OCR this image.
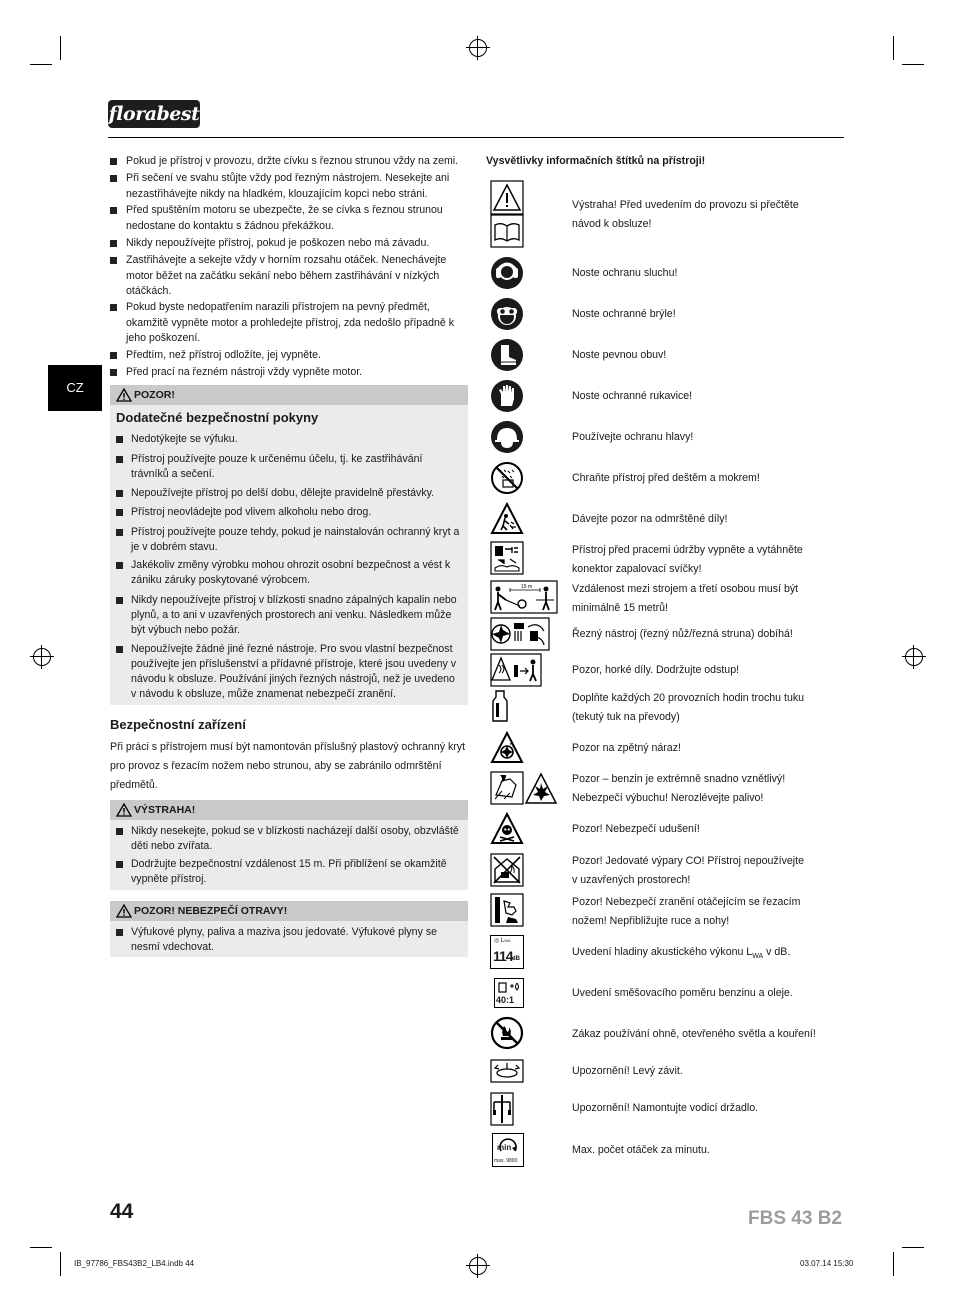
florabest
CZ
Pokud je přístroj v provozu, držte cívku s řeznou strunou vždy na zemi.
Při sečení ve svahu stůjte vždy pod řezným nástrojem. Nesekejte ani nezastřihávejte nikdy na hladkém, klouzajícím kopci nebo stráni.
Před spuštěním motoru se ubezpečte, že se cívka s řeznou strunou nedostane do kontaktu s žádnou překážkou.
Nikdy nepoužívejte přístroj, pokud je poškozen nebo má závadu.
Zastřihávejte a sekejte vždy v horním rozsahu otáček. Nenechávejte motor běžet na začátku sekání nebo během zastřihávání v nízkých otáčkách.
Pokud byste nedopatřením narazili přístrojem na pevný předmět, okamžitě vypněte motor a prohledejte přístroj, zda nedošlo případně k jeho poškození.
Předtím, než přístroj odložíte, jej vypněte.
Před prací na řezném nástroji vždy vypněte motor.
POZOR!
Dodatečné bezpečnostní pokyny
Nedotýkejte se výfuku.
Přístroj používejte pouze k určenému účelu, tj. ke zastřihávání trávníků a sečení.
Nepoužívejte přístroj po delší dobu, dělejte pravidelně přestávky.
Přístroj neovládejte pod vlivem alkoholu nebo drog.
Přístroj používejte pouze tehdy, pokud je nainstalován ochranný kryt a je v dobrém stavu.
Jakékoliv změny výrobku mohou ohrozit osobní bezpečnost a vést k zániku záruky poskytované výrobcem.
Nikdy nepoužívejte přístroj v blízkosti snadno zápalných kapalin nebo plynů, a to ani v uzavřených prostorech ani venku. Následkem může být výbuch nebo požár.
Nepoužívejte žádné jiné řezné nástroje. Pro svou vlastní bezpečnost používejte jen příslušenství a přídavné přístroje, které jsou uvedeny v návodu k obsluze. Používání jiných řezných nástrojů, než je uvedeno v návodu k obsluze, může znamenat nebezpečí zranění.
Bezpečnostní zařízení
Při práci s přístrojem musí být namontován příslušný plastový ochranný kryt pro provoz s řezacím nožem nebo strunou, aby se zabránilo odmrštění předmětů.
VÝSTRAHA!
Nikdy nesekejte, pokud se v blízkosti nacházejí další osoby, obzvláště děti nebo zvířata.
Dodržujte bezpečnostní vzdálenost 15 m. Při přiblížení se okamžitě vypněte přístroj.
POZOR! NEBEZPEČÍ OTRAVY!
Výfukové plyny, paliva a maziva jsou jedovaté. Výfukové plyny se nesmí vdechovat.
Vysvětlivky informačních štítků na přístroji!
Výstraha! Před uvedením do provozu si přečtěte návod k obsluze!
Noste ochranu sluchu!
Noste ochranné brýle!
Noste pevnou obuv!
Noste ochranné rukavice!
Používejte ochranu hlavy!
Chraňte přístroj před deštěm a mokrem!
Dávejte pozor na odmrštěné díly!
Přístroj před pracemi údržby vypněte a vytáhněte konektor zapalovací svíčky!
15 m	Vzdálenost mezi strojem a třetí osobou musí být minimálně 15 metrů!
Řezný nástroj (řezný nůž/řezná struna) dobíhá!
Pozor, horké díly. Dodržujte odstup!
Doplňte každých 20 provozních hodin trochu tuku (tekutý tuk na převody)
Pozor na zpětný náraz!
Pozor – benzin je extrémně snadno vznětlivý! Nebezpečí výbuchu! Nerozlévejte palivo!
Pozor! Nebezpečí udušení!
Pozor! Jedovaté výpary CO! Přístroj nepoužívejte v uzavřených prostorech!
Pozor! Nebezpečí zranění otáčejícím se řezacím nožem! Nepřibližujte ruce a nohy!
◎ LWA
114 dB
Uvedení hladiny akustického výkonu $L_{WA}$ v dB.
40:1
Uvedení směšovacího poměru benzinu a oleje.
Zákaz používání ohně, otevřeného světla a kouření!
Upozornění! Levý závit.
Upozornění! Namontujte vodicí držadlo.
min
max. 9800
Max. počet otáček za minutu.
44	FBS 43 B2
IB_97786_FBS43B2_LB4.indb 44	03.07.14 15:30
